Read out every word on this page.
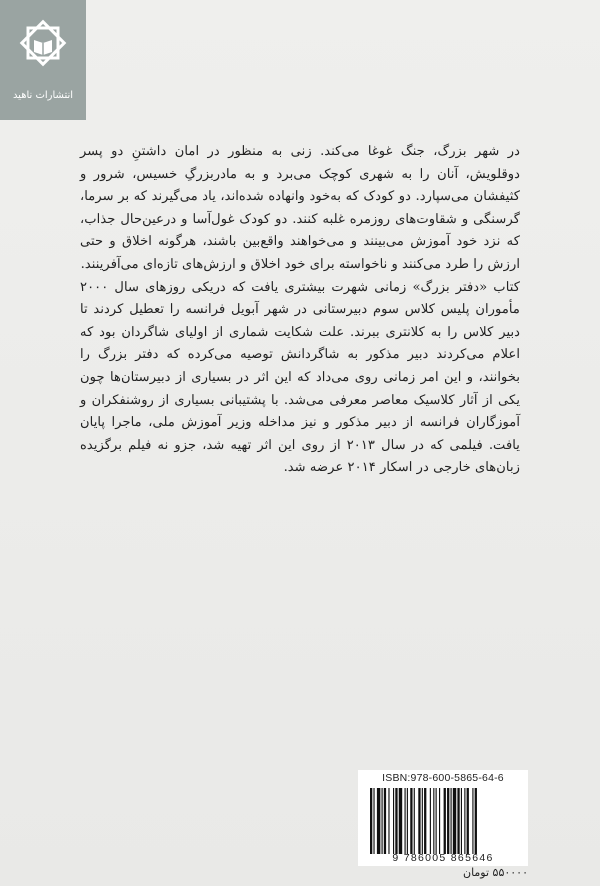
انتشارات ناهید

در شهر بزرگ، جنگ غوغا می‌کند. زنی به منظور در امان داشتنِ دو پسر دوقلویش، آنان را به شهری کوچک می‌برد و به مادربزرگِ خسیس، شرور و کثیفشان می‌سپارد. دو کودک که به‌خود وانهاده شده‌اند، یاد می‌گیرند که بر سرما، گرسنگی و شقاوت‌های روزمره غلبه کنند. دو کودک غول‌آسا و درعین‌حال جذاب، که نزد خود آموزش می‌بینند و می‌خواهند واقع‌بین باشند، هرگونه اخلاق و حتی ارزش را طرد می‌کنند و ناخواسته برای خود اخلاق و ارزش‌های تازه‌ای می‌آفرینند.

کتاب «دفتر بزرگ» زمانی شهرت بیشتری یافت که دریکی روزهای سال ۲۰۰۰ مأموران پلیس کلاس سوم دبیرستانی در شهر آبویل فرانسه را تعطیل کردند تا دبیر کلاس را به کلانتری ببرند. علت شکایت شماری از اولیای شاگردان بود که اعلام می‌کردند دبیر مذکور به شاگردانش توصیه می‌کرده که دفتر بزرگ را بخوانند، و این امر زمانی روی می‌داد که این اثر در بسیاری از دبیرستان‌ها چون یکی از آثار کلاسیک معاصر معرفی می‌شد. با پشتیبانی بسیاری از روشنفکران و آموزگاران فرانسه از دبیر مذکور و نیز مداخله وزیر آموزش ملی، ماجرا پایان یافت. فیلمی که در سال ۲۰۱۳ از روی این اثر تهیه شد، جزو نه فیلم برگزیده زبان‌های خارجی در اسکار ۲۰۱۴ عرضه شد.

ISBN:978-600-5865-64-6
9 786005 865646
۵۵۰۰۰۰ تومان
